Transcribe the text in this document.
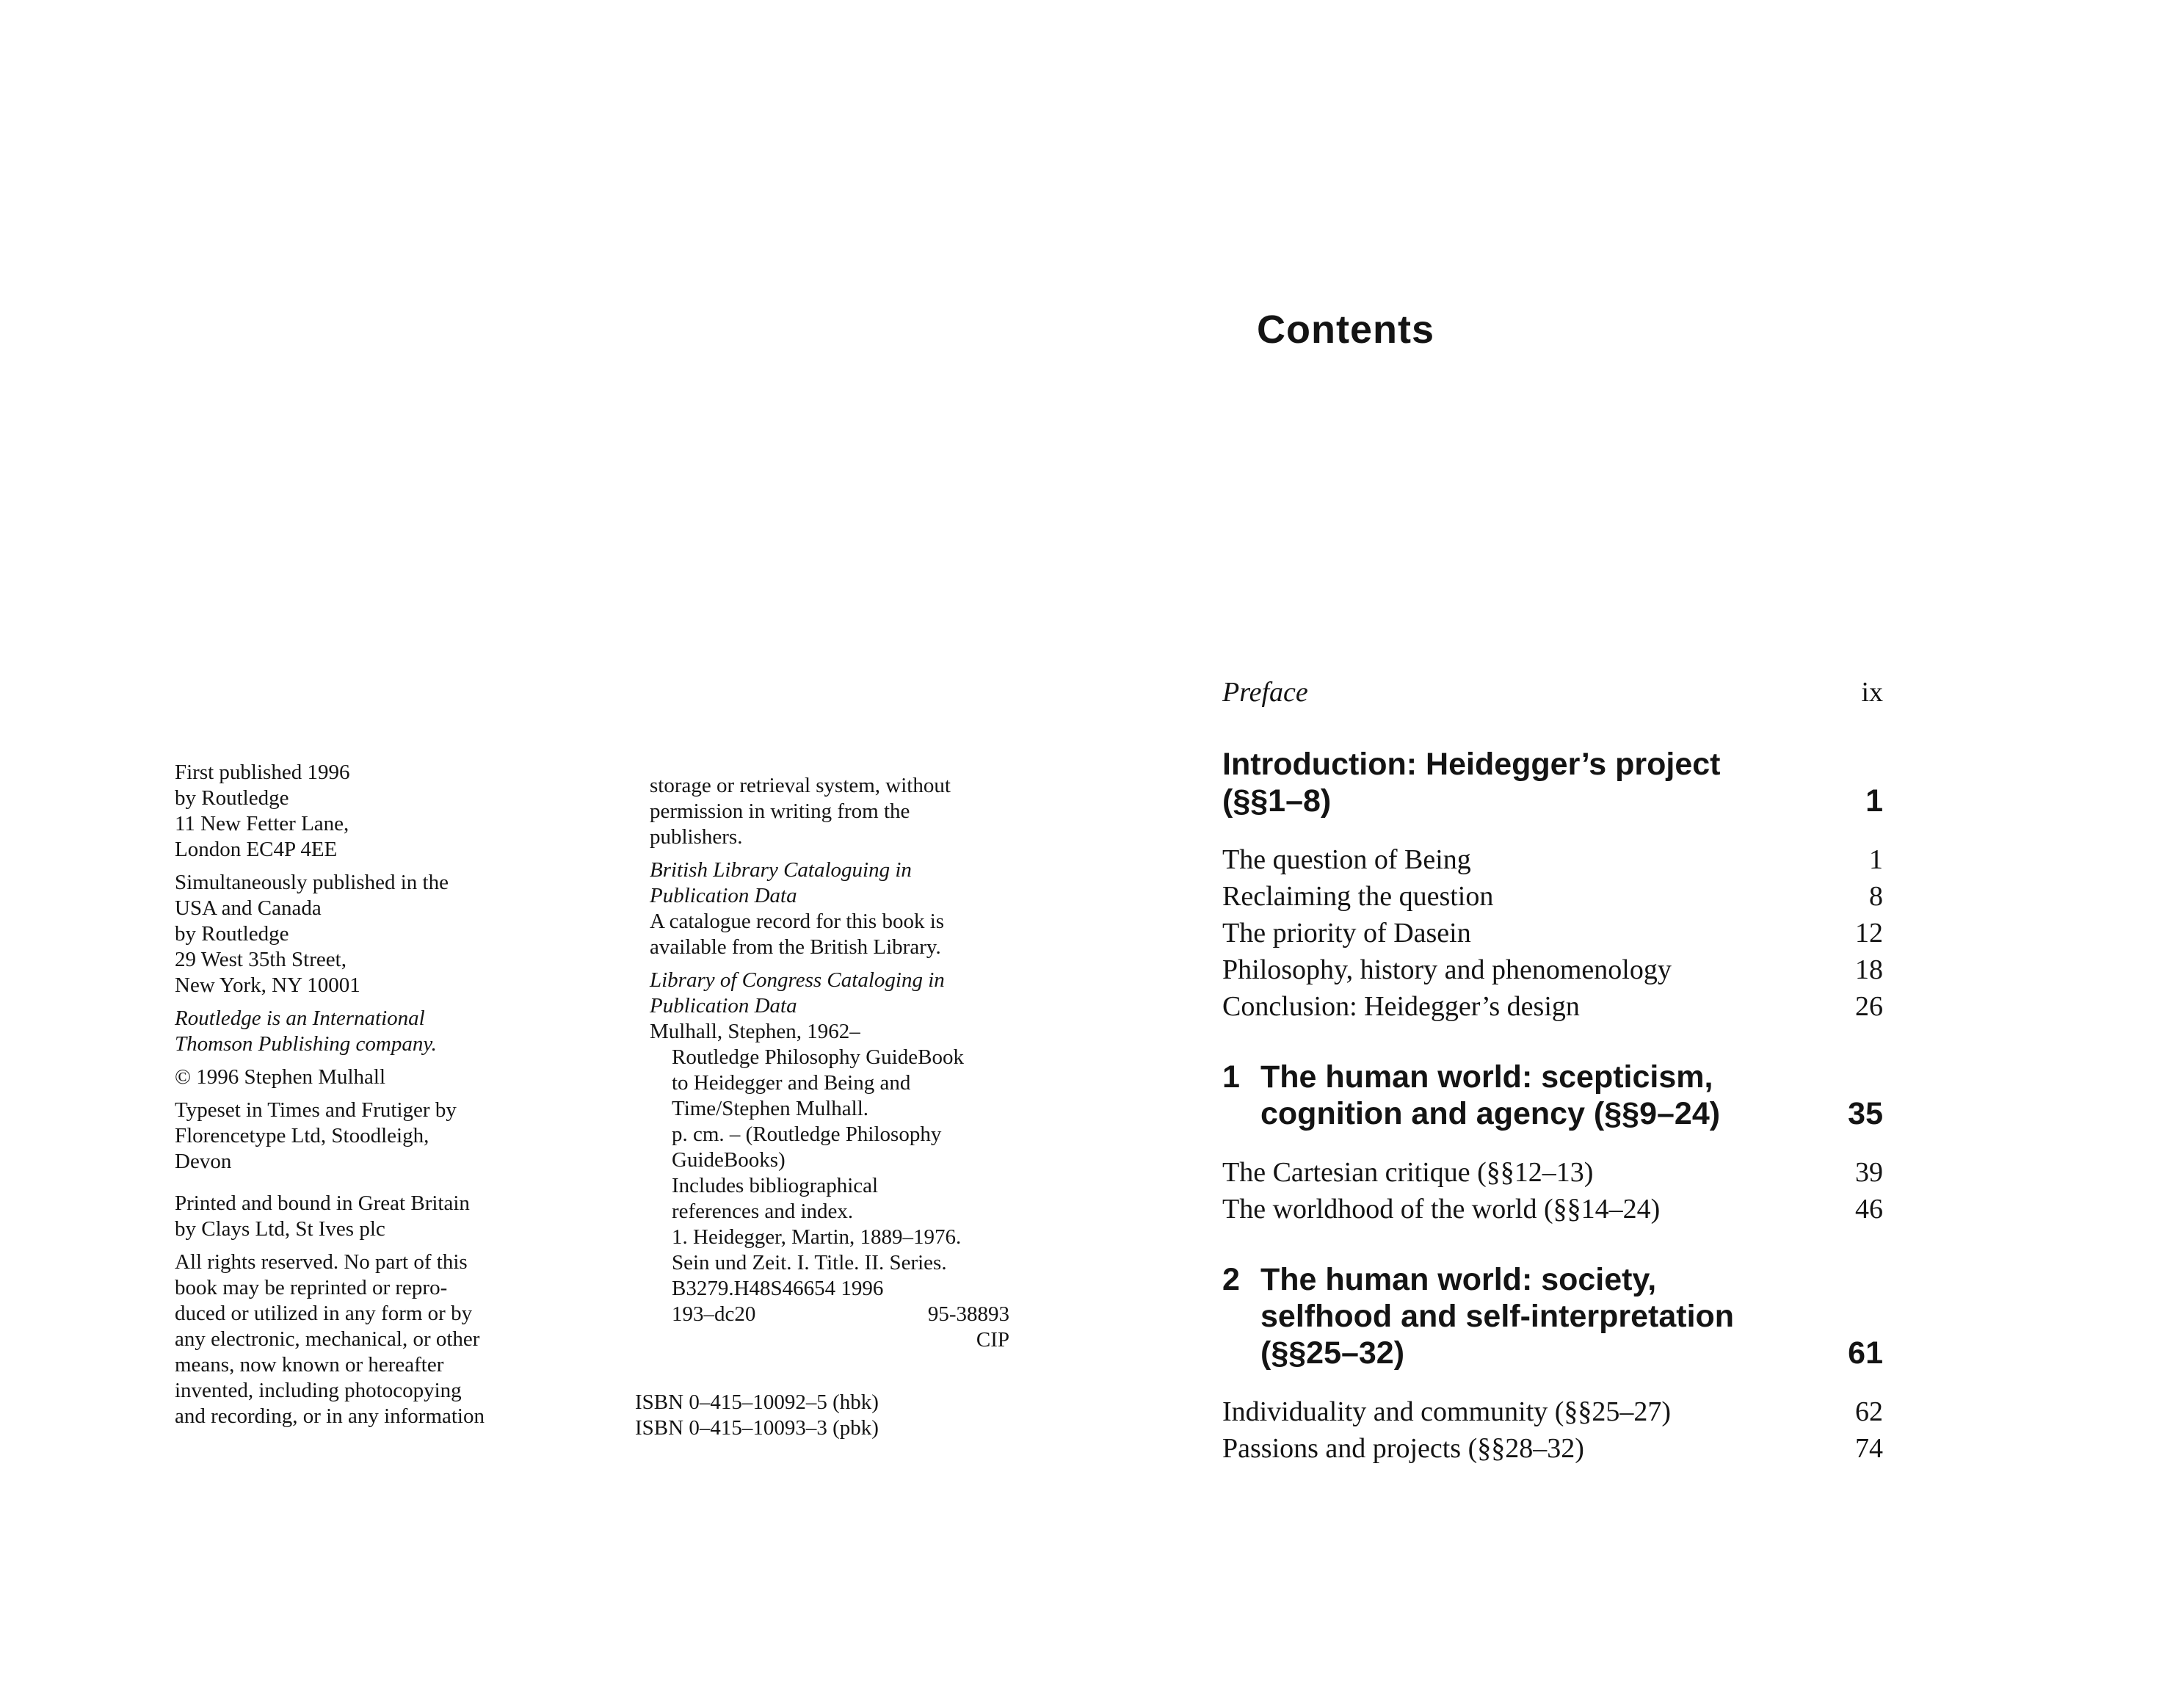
First published 1996
by Routledge
11 New Fetter Lane,
London EC4P 4EE
Simultaneously published in the
USA and Canada
by Routledge
29 West 35th Street,
New York, NY 10001
Routledge is an International
Thomson Publishing company.
© 1996 Stephen Mulhall
Typeset in Times and Frutiger by
Florencetype Ltd, Stoodleigh,
Devon
Printed and bound in Great Britain
by Clays Ltd, St Ives plc
All rights reserved. No part of this
book may be reprinted or repro-
duced or utilized in any form or by
any electronic, mechanical, or other
means, now known or hereafter
invented, including photocopying
and recording, or in any information
storage or retrieval system, without
permission in writing from the
publishers.
British Library Cataloguing in
Publication Data
A catalogue record for this book is
available from the British Library.
Library of Congress Cataloging in
Publication Data
Mulhall, Stephen, 1962–
Routledge Philosophy GuideBook
to Heidegger and Being and
Time/Stephen Mulhall.
p. cm. – (Routledge Philosophy
GuideBooks)
Includes bibliographical
references and index.
1. Heidegger, Martin, 1889–1976.
Sein und Zeit. I. Title. II. Series.
B3279.H48S46654 1996
193–dc20	95-38893
CIP
ISBN 0–415–10092–5 (hbk)
ISBN 0–415–10093–3 (pbk)
Contents
Preface	ix
Introduction: Heidegger’s project
(§§1–8)	1
The question of Being	1
Reclaiming the question	8
The priority of Dasein	12
Philosophy, history and phenomenology	18
Conclusion: Heidegger’s design	26
1 The human world: scepticism,
cognition and agency (§§9–24)	35
The Cartesian critique (§§12–13)	39
The worldhood of the world (§§14–24)	46
2 The human world: society,
selfhood and self-interpretation
(§§25–32)	61
Individuality and community (§§25–27)	62
Passions and projects (§§28–32)	74
